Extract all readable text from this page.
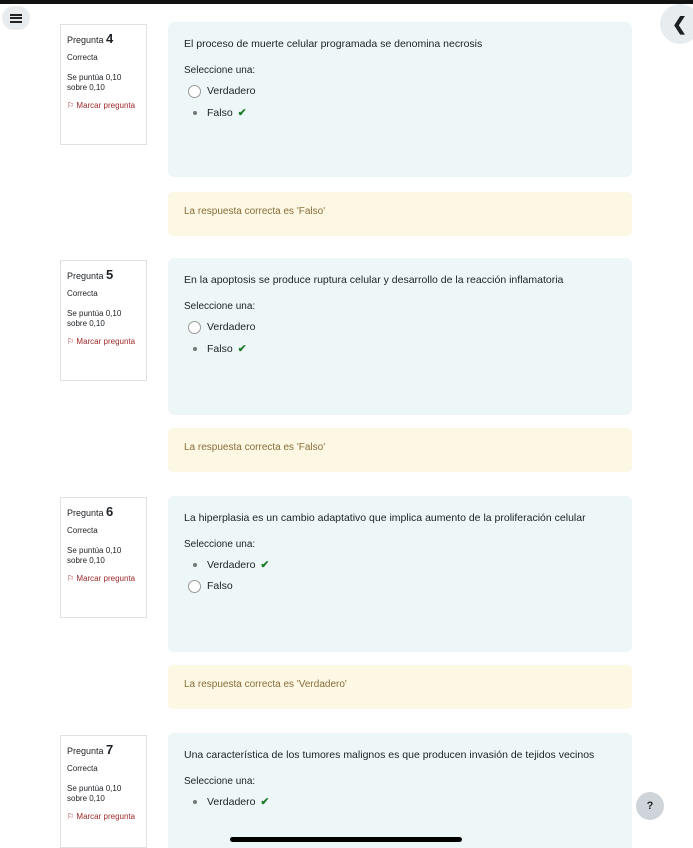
❮
Pregunta 4
Correcta
Se puntúa 0,10 sobre 0,10
⚐ Marcar pregunta
El proceso de muerte celular programada se denomina necrosis
Seleccione una:
Verdadero
Falso ✔
La respuesta correcta es 'Falso'
Pregunta 5
Correcta
Se puntúa 0,10 sobre 0,10
⚐ Marcar pregunta
En la apoptosis se produce ruptura celular y desarrollo de la reacción inflamatoria
Seleccione una:
Verdadero
Falso ✔
La respuesta correcta es 'Falso'
Pregunta 6
Correcta
Se puntúa 0,10 sobre 0,10
⚐ Marcar pregunta
La hiperplasia es un cambio adaptativo que implica aumento de la proliferación celular
Seleccione una:
Verdadero ✔
Falso
La respuesta correcta es 'Verdadero'
Pregunta 7
Correcta
Se puntúa 0,10 sobre 0,10
⚐ Marcar pregunta
Una característica de los tumores malignos es que producen invasión de tejidos vecinos
Seleccione una:
Verdadero ✔	?
